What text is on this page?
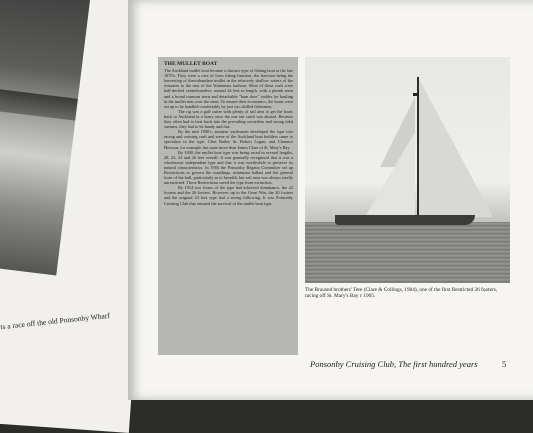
ts a race off the old Ponsonby Wharf
THE MULLET BOAT

The Auckland mullet boat became a distinct type of fishing boat in the late 1870's. They were a case of form fitting function, the function being the harvesting of then-abundant mullet in the relatively shallow waters of the estuaries to the east of the Waitemata harbour. Most of these craft were half-decked centreboarders, around 24 feet in length, with a plumb stern and a broad transom stern and detachable "barn door" rudder for hauling in the mullet nets over the stern. To ensure their economics, the boats were set up to be handled comfortably by just two skilled fishermen.

The rig was a gaff cutter with plenty of sail area to get the boats back to Auckland in a hurry once the one ton catch was aboard. Because they often had to beat back into the prevailing westerlies and strong tidal streams, they had to be handy and fast.

By the mid 1880's, amateur yachtsmen developed the type into racing and cruising craft and some of the Auckland boat builders came to specialise in the type. Chas Bailey Sr, Robert Logan, and Clarence Hewson, for example, but none more than James Clare of St. Mary's Bay.

By 1900, the mullet boat type was being raced in several lengths, 20, 22, 24 and 26 feet overall. It was generally recognised that it was a wholesome independent type and that it was worthwhile to preserve its natural characteristics. In 1904 the Ponsonby Regatta Committee set up Restrictions to govern the scantlings, minimum ballast and the general form of the hull, particularly as to breadth, but sail area was always totally unrestricted. These Restrictions saved the type from extinction.

By 1914 two forms of the type had achieved dominance, the 22 footers and the 26 footers. However, up to the Great War, the 20 footers and the original 24 foot type had a strong following. It was Ponsonby Cruising Club that ensured the survival of the mullet boat type.

The Brausnd brothers' Tere (Clare & Collings, 1904), one of the first Restricted 26 footers, racing off St. Mary's Bay c 1905.
Ponsonby Cruising Club, The first hundred years	5
